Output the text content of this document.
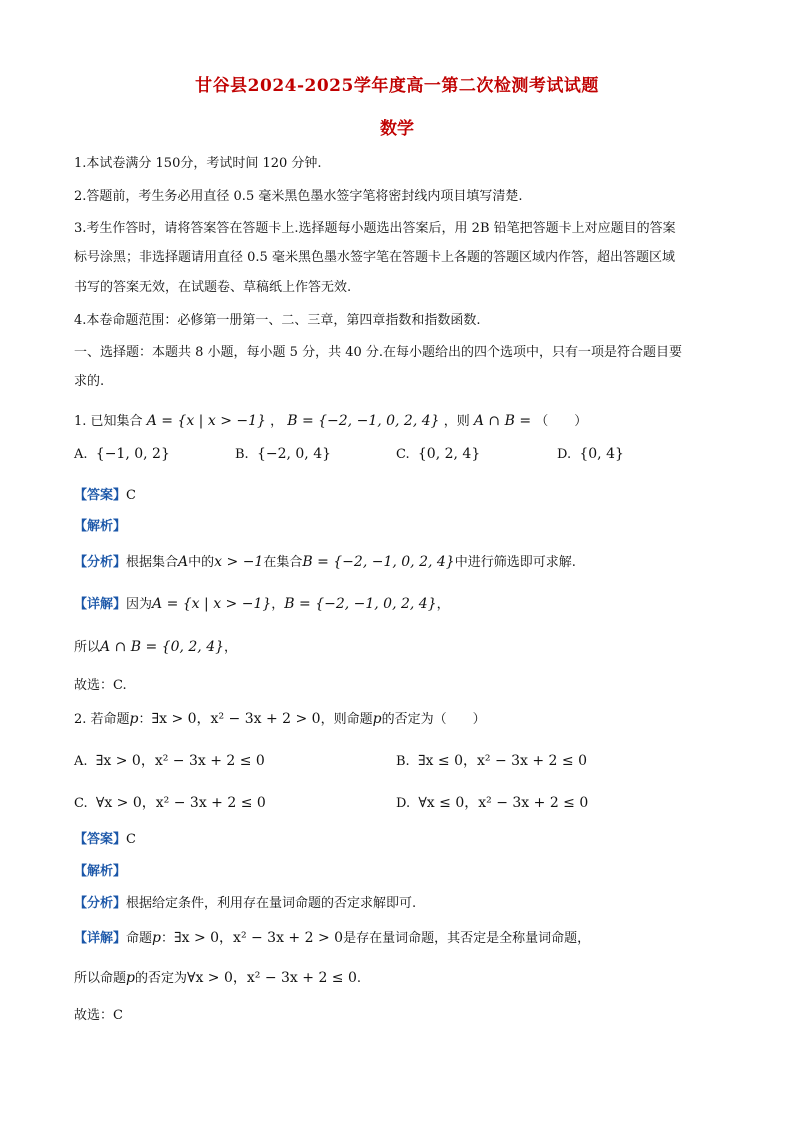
甘谷县2024-2025学年度高一第二次检测考试试题
数学
1.本试卷满分 150分，考试时间 120 分钟.
2.答题前，考生务必用直径 0.5 毫米黑色墨水签字笔将密封线内项目填写清楚.
3.考生作答时，请将答案答在答题卡上.选择题每小题选出答案后，用 2B 铅笔把答题卡上对应题目的答案
标号涂黑；非选择题请用直径 0.5 毫米黑色墨水签字笔在答题卡上各题的答题区域内作答，超出答题区域
书写的答案无效，在试题卷、草稿纸上作答无效.
4.本卷命题范围：必修第一册第一、二、三章，第四章指数和指数函数.
一、选择题：本题共 8 小题，每小题 5 分，共 40 分.在每小题给出的四个选项中，只有一项是符合题目要
求的.
1. 已知集合 A = {x | x > −1} ， B = {−2, −1, 0, 2, 4} ，则 A ∩ B = （　　）
A. {−1, 0, 2}	B. {−2, 0, 4}	C. {0, 2, 4}	D. {0, 4}
【答案】C
【解析】
【分析】根据集合A中的x > −1在集合B = {−2, −1, 0, 2, 4}中进行筛选即可求解.
【详解】因为A = {x | x > −1}，B = {−2, −1, 0, 2, 4}，
所以A ∩ B = {0, 2, 4}，
故选：C.
2. 若命题p：∃x > 0，x² − 3x + 2 > 0，则命题p的否定为（　　）
A. ∃x > 0，x² − 3x + 2 ≤ 0	B. ∃x ≤ 0，x² − 3x + 2 ≤ 0
C. ∀x > 0，x² − 3x + 2 ≤ 0	D. ∀x ≤ 0，x² − 3x + 2 ≤ 0
【答案】C
【解析】
【分析】根据给定条件，利用存在量词命题的否定求解即可.
【详解】命题p：∃x > 0，x² − 3x + 2 > 0是存在量词命题，其否定是全称量词命题，
所以命题p的否定为∀x > 0，x² − 3x + 2 ≤ 0.
故选：C
